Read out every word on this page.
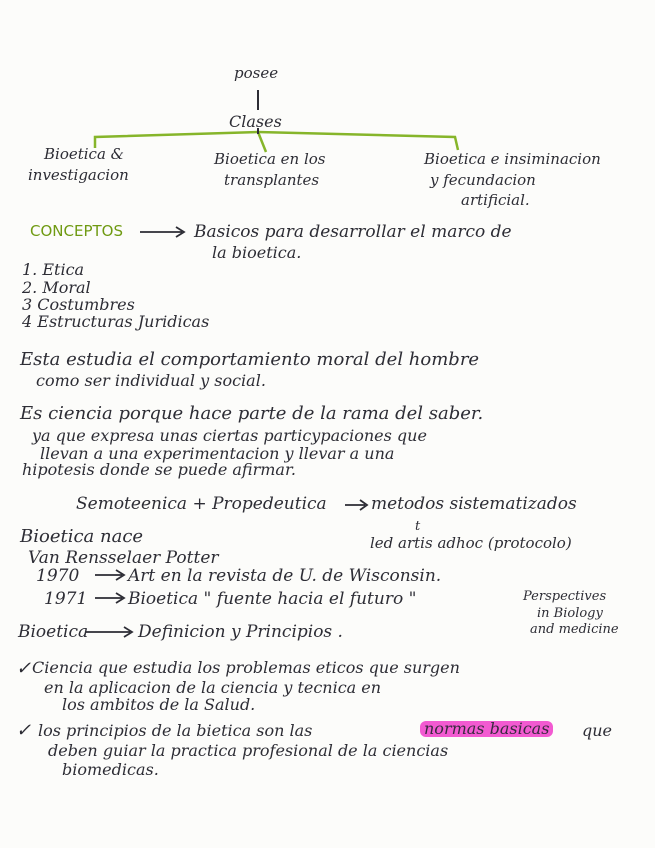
posee
Clases
Bioetica &
investigacion
Bioetica en los
transplantes
Bioetica e insiminacion
y fecundacion
artificial.
CONCEPTOS	Basicos para desarrollar el marco de
la bioetica.
1. Etica
2. Moral
3 Costumbres
4 Estructuras Juridicas
Esta estudia el comportamiento moral del hombre
como ser individual y social.
Es ciencia porque hace parte de la rama del saber.
ya que expresa unas ciertas particypaciones que
llevan a una experimentacion y llevar a una
hipotesis donde se puede afirmar.
Semoteenica + Propedeutica	metodos sistematizados
Bioetica nace	t
led artis adhoc (protocolo)
Van Rensselaer Potter
1970	Art en la revista de U. de Wisconsin.
1971 Bioetica " fuente hacia el futuro "	Perspectives
in Biology
and medicine
Bioetica	Definicion y Principios .
✓ Ciencia que estudia los problemas eticos que surgen
en la aplicacion de la ciencia y tecnica en
los ambitos de la Salud.
✓ los principios de la bietica son las	normas basicas que
deben guiar la practica profesional de la ciencias
biomedicas.
